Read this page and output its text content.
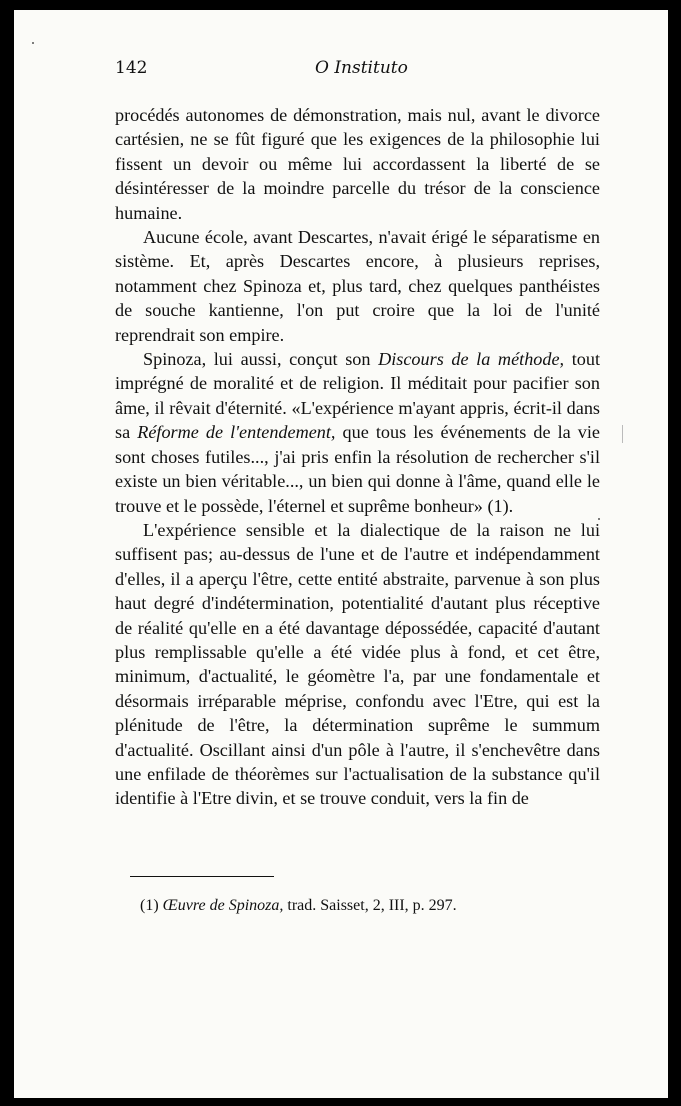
142	O Instituto

procédés autonomes de démonstration, mais nul, avant le divorce cartésien, ne se fût figuré que les exigences de la philosophie lui fissent un devoir ou même lui accordassent la liberté de se désintéresser de la moindre parcelle du trésor de la conscience humaine.

Aucune école, avant Descartes, n'avait érigé le séparatisme en sistème. Et, après Descartes encore, à plusieurs reprises, notamment chez Spinoza et, plus tard, chez quelques panthéistes de souche kantienne, l'on put croire que la loi de l'unité reprendrait son empire.

Spinoza, lui aussi, conçut son Discours de la méthode, tout imprégné de moralité et de religion. Il méditait pour pacifier son âme, il rêvait d'éternité. «L'expérience m'ayant appris, écrit-il dans sa Réforme de l'entendement, que tous les événements de la vie sont choses futiles..., j'ai pris enfin la résolution de rechercher s'il existe un bien véritable..., un bien qui donne à l'âme, quand elle le trouve et le possède, l'éternel et suprême bonheur» (1).

L'expérience sensible et la dialectique de la raison ne lui suffisent pas; au-dessus de l'une et de l'autre et indépendamment d'elles, il a aperçu l'être, cette entité abstraite, parvenue à son plus haut degré d'indétermination, potentialité d'autant plus réceptive de réalité qu'elle en a été davantage dépossédée, capacité d'autant plus remplissable qu'elle a été vidée plus à fond, et cet être, minimum, d'actualité, le géomètre l'a, par une fondamentale et désormais irréparable méprise, confondu avec l'Etre, qui est la plénitude de l'être, la détermination suprême le summum d'actualité. Oscillant ainsi d'un pôle à l'autre, il s'enchevêtre dans une enfilade de théorèmes sur l'actualisation de la substance qu'il identifie à l'Etre divin, et se trouve conduit, vers la fin de

(1) Œuvre de Spinoza, trad. Saisset, 2, III, p. 297.
